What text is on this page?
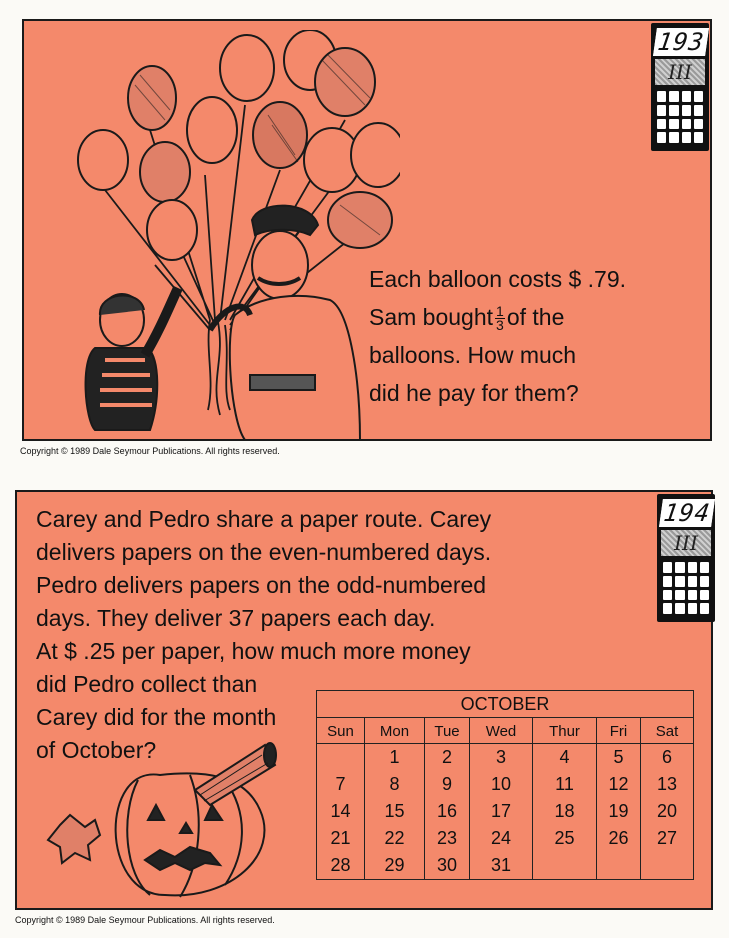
193
III
Each balloon costs $ .79.
Sam bought $\frac{1}{3}$ of the
balloons. How much
did he pay for them?
Copyright © 1989 Dale Seymour Publications. All rights reserved.
194
III
Carey and Pedro share a paper route. Carey
delivers papers on the even-numbered days.
Pedro delivers papers on the odd-numbered
days. They deliver 37 papers each day.
At $ .25 per paper, how much more money
did Pedro collect than
Carey did for the month
of October?
OCTOBER
Sun
7
14
21
28
Mon
1
8
15
22
29
Tue
2
9
16
23
30
Wed
3
10
17
24
31
Thur
4
11
18
25
Fri
5
12
19
26
Sat
6
13
20
27
Copyright © 1989 Dale Seymour Publications. All rights reserved.
